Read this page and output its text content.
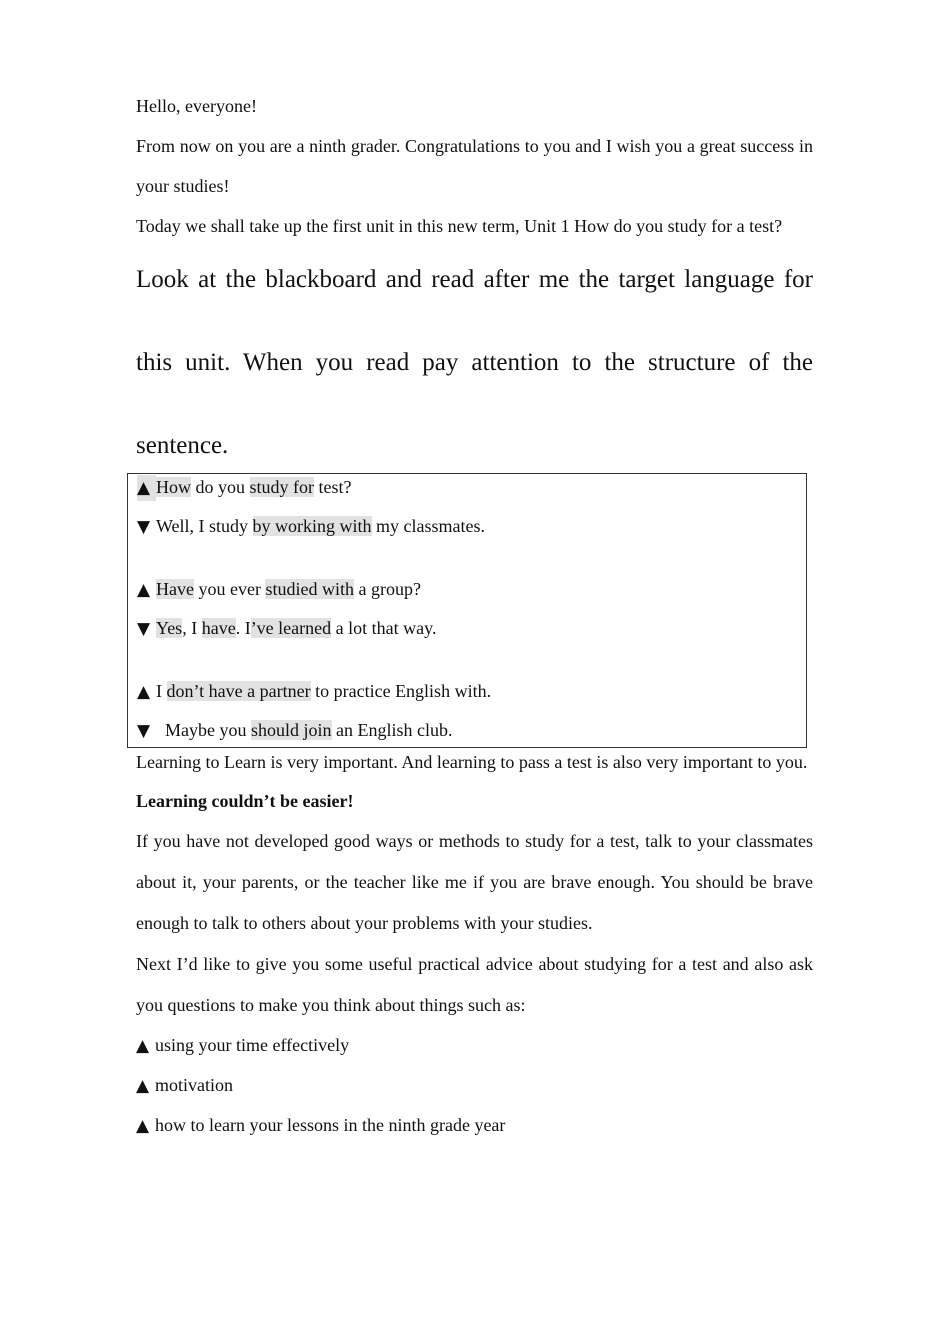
Hello, everyone!

From now on you are a ninth grader. Congratulations to you and I wish you a great success in your studies!

Today we shall take up the first unit in this new term, Unit 1 How do you study for a test?

Look at the blackboard and read after me the target language for this unit. When you read pay attention to the structure of the sentence.

▲ How do you study for test?
▼ Well, I study by working with my classmates.
▲ Have you ever studied with a group?
▼ Yes, I have. I’ve learned a lot that way.
▲ I don’t have a partner to practice English with.
▼ Maybe you should join an English club.

Learning to Learn is very important. And learning to pass a test is also very important to you.

Learning couldn’t be easier!

If you have not developed good ways or methods to study for a test, talk to your classmates about it, your parents, or the teacher like me if you are brave enough. You should be brave enough to talk to others about your problems with your studies.

Next I’d like to give you some useful practical advice about studying for a test and also ask you questions to make you think about things such as:

▲ using your time effectively
▲ motivation
▲ how to learn your lessons in the ninth grade year
